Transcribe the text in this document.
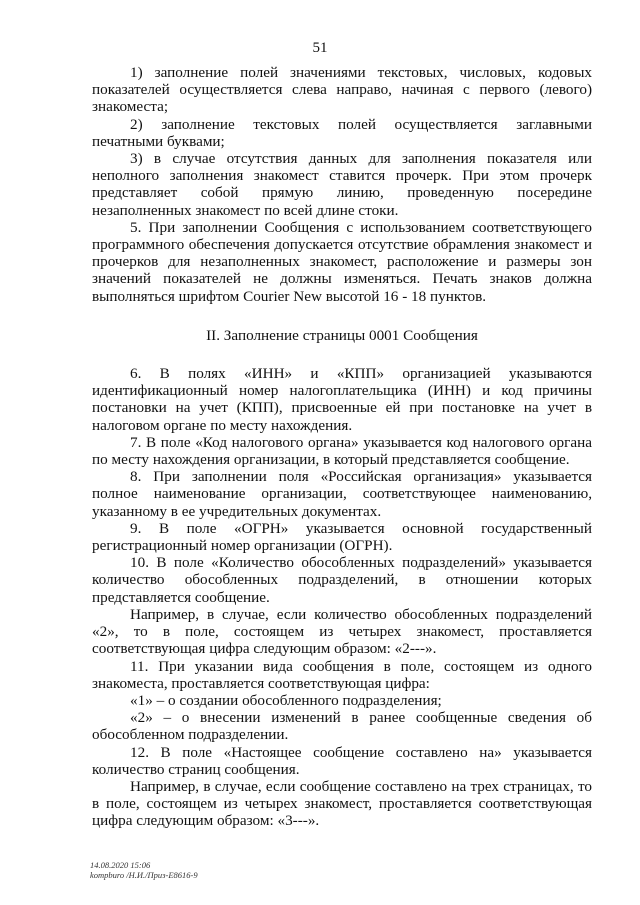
51

1) заполнение полей значениями текстовых, числовых, кодовых показателей осуществляется слева направо, начиная с первого (левого) знакоместа;

2) заполнение текстовых полей осуществляется заглавными печатными буквами;

3) в случае отсутствия данных для заполнения показателя или неполного заполнения знакомест ставится прочерк. При этом прочерк представляет собой прямую линию, проведенную посередине незаполненных знакомест по всей длине стоки.

5. При заполнении Сообщения с использованием соответствующего программного обеспечения допускается отсутствие обрамления знакомест и прочерков для незаполненных знакомест, расположение и размеры зон значений показателей не должны изменяться. Печать знаков должна выполняться шрифтом Courier New высотой 16 - 18 пунктов.

II. Заполнение страницы 0001 Сообщения

6. В полях «ИНН» и «КПП» организацией указываются идентификационный номер налогоплательщика (ИНН) и код причины постановки на учет (КПП), присвоенные ей при постановке на учет в налоговом органе по месту нахождения.

7. В поле «Код налогового органа» указывается код налогового органа по месту нахождения организации, в который представляется сообщение.

8. При заполнении поля «Российская организация» указывается полное наименование организации, соответствующее наименованию, указанному в ее учредительных документах.

9. В поле «ОГРН» указывается основной государственный регистрационный номер организации (ОГРН).

10. В поле «Количество обособленных подразделений» указывается количество обособленных подразделений, в отношении которых представляется сообщение.

Например, в случае, если количество обособленных подразделений «2», то в поле, состоящем из четырех знакомест, проставляется соответствующая цифра следующим образом: «2---».

11. При указании вида сообщения в поле, состоящем из одного знакоместа, проставляется соответствующая цифра:

«1» – о создании обособленного подразделения;

«2» – о внесении изменений в ранее сообщенные сведения об обособленном подразделении.

12. В поле «Настоящее сообщение составлено на» указывается количество страниц сообщения.

Например, в случае, если сообщение составлено на трех страницах, то в поле, состоящем из четырех знакомест, проставляется соответствующая цифра следующим образом: «3---».

14.08.2020 15:06
kompburo /Н.И./Приз-Е8616-9
